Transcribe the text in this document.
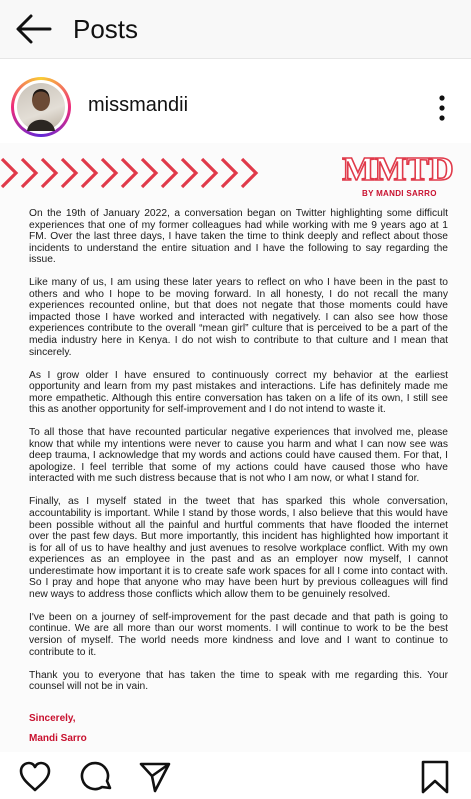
Posts
missmandii
MMTD
BY MANDI SARRO

On the 19th of January 2022, a conversation began on Twitter highlighting some difficult experiences that one of my former colleagues had while working with me 9 years ago at 1 FM. Over the last three days, I have taken the time to think deeply and reflect about those incidents to understand the entire situation and I have the following to say regarding the issue.

Like many of us, I am using these later years to reflect on who I have been in the past to others and who I hope to be moving forward. In all honesty, I do not recall the many experiences recounted online, but that does not negate that those moments could have impacted those I have worked and interacted with negatively. I can also see how those experiences contribute to the overall “mean girl” culture that is perceived to be a part of the media industry here in Kenya. I do not wish to contribute to that culture and I mean that sincerely.

As I grow older I have ensured to continuously correct my behavior at the earliest opportunity and learn from my past mistakes and interactions. Life has definitely made me more empathetic. Although this entire conversation has taken on a life of its own, I still see this as another opportunity for self-improvement and I do not intend to waste it.

To all those that have recounted particular negative experiences that involved me, please know that while my intentions were never to cause you harm and what I can now see was deep trauma, I acknowledge that my words and actions could have caused them. For that, I apologize. I feel terrible that some of my actions could have caused those who have interacted with me such distress because that is not who I am now, or what I stand for.

Finally, as I myself stated in the tweet that has sparked this whole conversation, accountability is important. While I stand by those words, I also believe that this would have been possible without all the painful and hurtful comments that have flooded the internet over the past few days. But more importantly, this incident has highlighted how important it is for all of us to have healthy and just avenues to resolve workplace conflict. With my own experiences as an employee in the past and as an employer now myself, I cannot underestimate how important it is to create safe work spaces for all I come into contact with. So I pray and hope that anyone who may have been hurt by previous colleagues will find new ways to address those conflicts which allow them to be genuinely resolved.

I've been on a journey of self-improvement for the past decade and that path is going to continue. We are all more than our worst moments. I will continue to work to be the best version of myself. The world needs more kindness and love and I want to continue to contribute to it.

Thank you to everyone that has taken the time to speak with me regarding this. Your counsel will not be in vain.

Sincerely,
Mandi Sarro
